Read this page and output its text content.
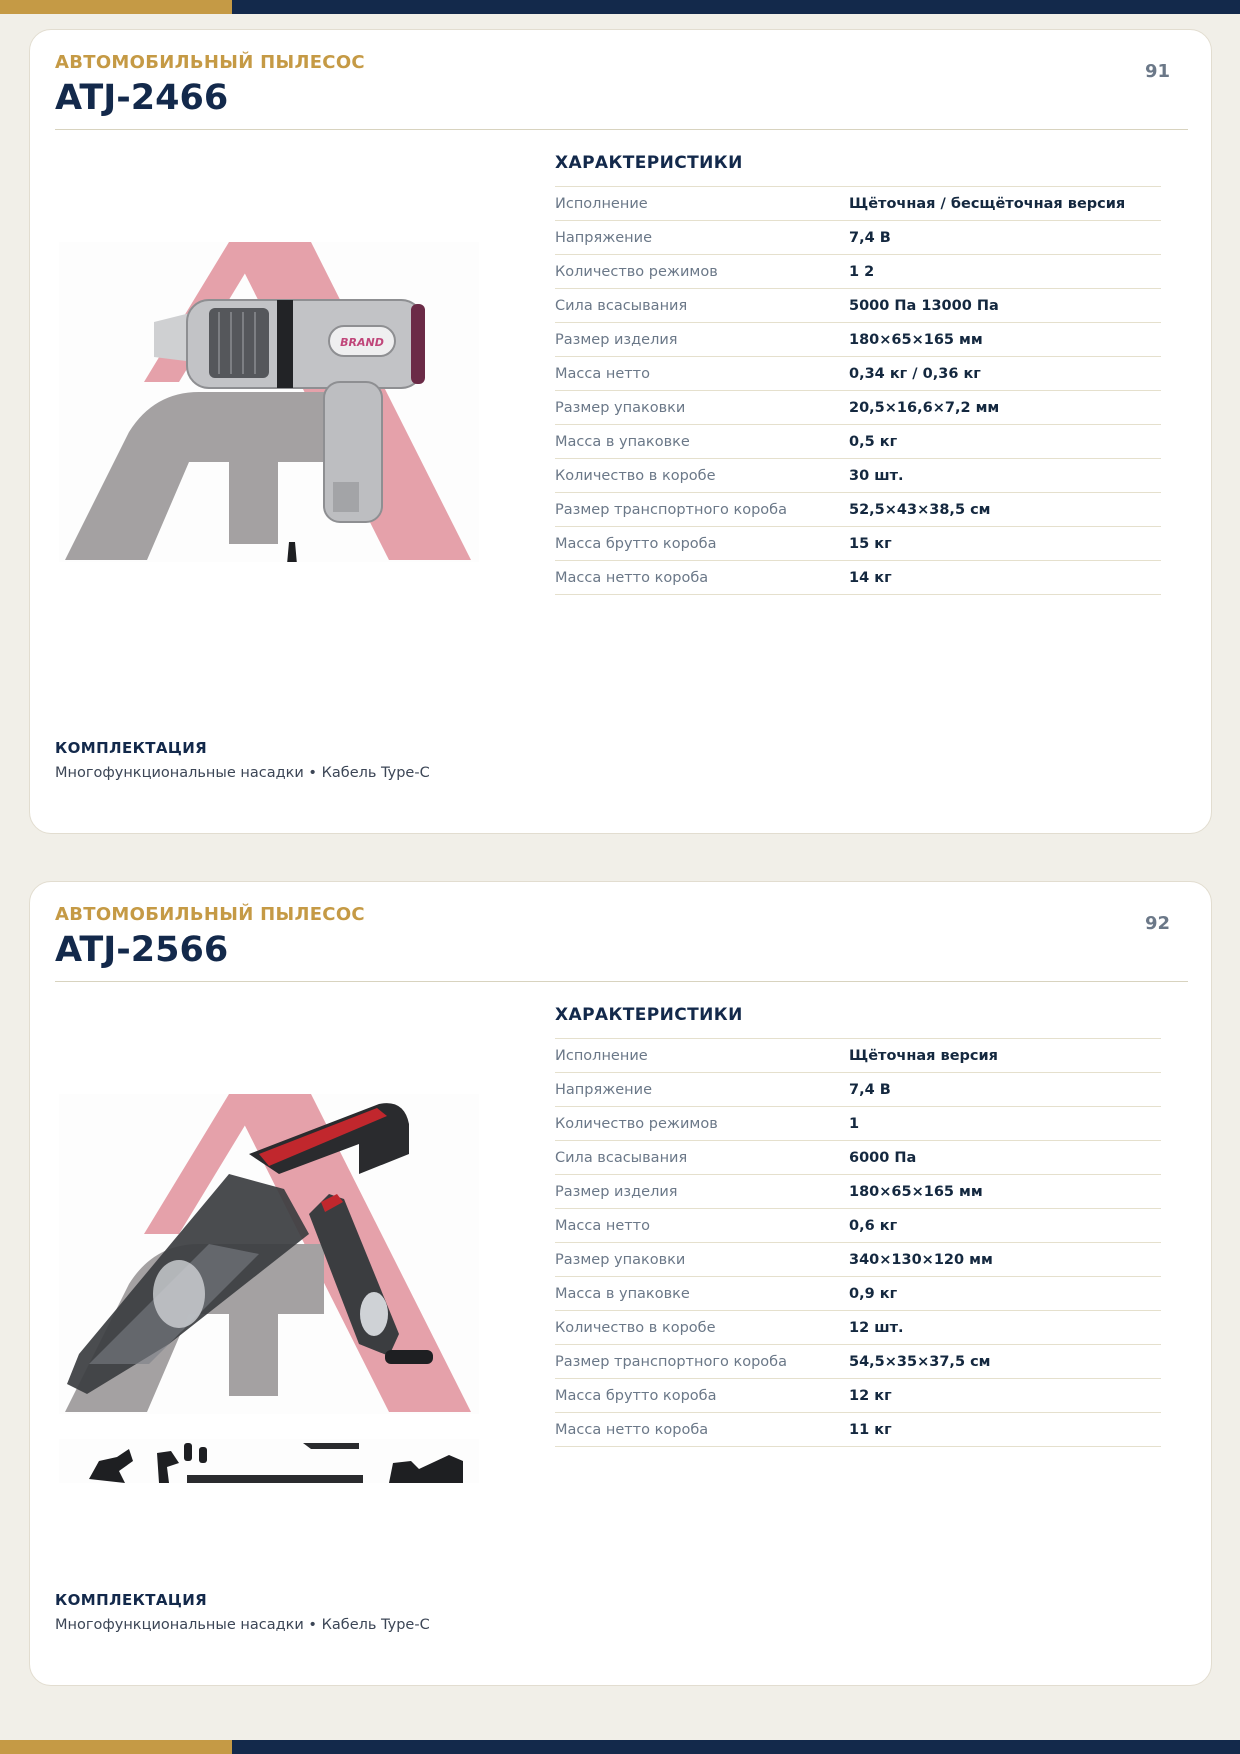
АВТОМОБИЛЬНЫЙ ПЫЛЕСОС
ATJ-2466
91
BRAND
ХАРАКТЕРИСТИКИ
Исполнение	Щёточная / бесщёточная версия
Напряжение	7,4 В
Количество режимов	1 2
Сила всасывания	5000 Па 13000 Па
Размер изделия	180×65×165 мм
Масса нетто	0,34 кг / 0,36 кг
Размер упаковки	20,5×16,6×7,2 мм
Масса в упаковке	0,5 кг
Количество в коробе	30 шт.
Размер транспортного короба	52,5×43×38,5 см
Масса брутто короба	15 кг
Масса нетто короба	14 кг
КОМПЛЕКТАЦИЯ
Многофункциональные насадки • Кабель Type-C
АВТОМОБИЛЬНЫЙ ПЫЛЕСОС
ATJ-2566
92
ХАРАКТЕРИСТИКИ
Исполнение	Щёточная версия
Напряжение	7,4 В
Количество режимов	1
Сила всасывания	6000 Па
Размер изделия	180×65×165 мм
Масса нетто	0,6 кг
Размер упаковки	340×130×120 мм
Масса в упаковке	0,9 кг
Количество в коробе	12 шт.
Размер транспортного короба	54,5×35×37,5 см
Масса брутто короба	12 кг
Масса нетто короба	11 кг
КОМПЛЕКТАЦИЯ
Многофункциональные насадки • Кабель Type-C
